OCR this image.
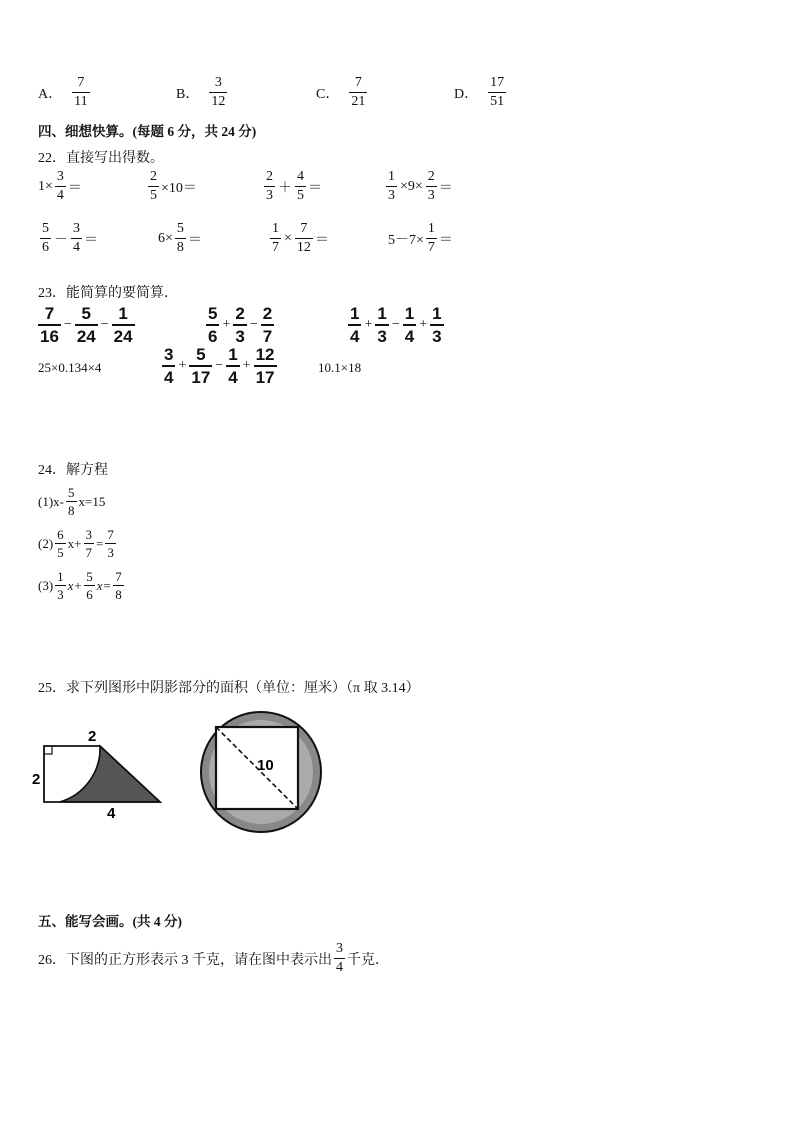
A． $\frac{7}{11}$	B． $\frac{3}{12}$	C． $\frac{7}{21}$	D． $\frac{17}{51}$
四、细想快算。(每题 6 分，共 24 分)
22．直接写出得数。
$1\times \frac{3}{4}$ ＝	$\frac{2}{5} \times 10=$	$\frac{2}{3} + \frac{4}{5}$ ＝	$\frac{1}{3} \times 9\times \frac{2}{3}$ ＝
$\frac{5}{6} - \frac{3}{4}$ ＝	$6\times \frac{5}{8}$ ＝	$\frac{1}{7} \times \frac{7}{12}$ ＝	$5-7\times \frac{1}{7}$ ＝
23．能简算的要简算．
$\frac{7}{16} - \frac{5}{24} - \frac{1}{24}$	$\frac{5}{6} + \frac{2}{3} - \frac{2}{7}$	$\frac{1}{4} + \frac{1}{3} - \frac{1}{4} + \frac{1}{3}$
25×0.134×4	$\frac{3}{4} + \frac{5}{17} - \frac{1}{4} + \frac{12}{17}$	10.1×18
24．解方程
$(1)x- \frac{5}{8} x=15$
$(2) \frac{6}{5} x+ \frac{3}{7} = \frac{7}{3}$
$(3) \frac{1}{3} x+ \frac{5}{6} x= \frac{7}{8}$
25．求下列图形中阴影部分的面积（单位：厘米）（π 取 3.14）
2
2
4
10
五、能写会画。(共 4 分)
26．下图的正方形表示 3 千克，请在图中表示出 $\frac{3}{4}$ 千克．
